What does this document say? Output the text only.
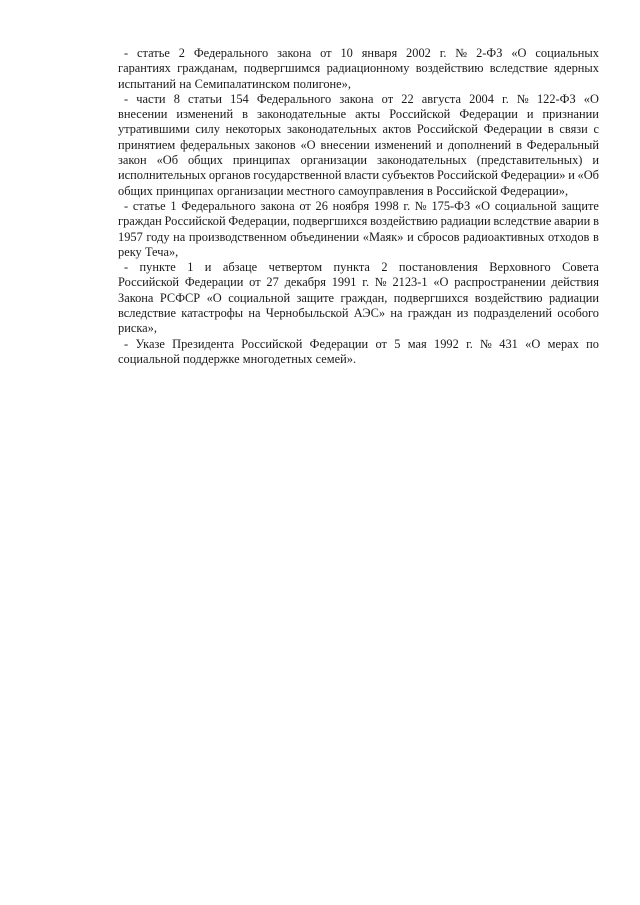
- статье 2 Федерального закона от 10 января 2002 г. № 2-ФЗ «О социальных
гарантиях гражданам, подвергшимся радиационному воздействию вследствие ядерных
испытаний на Семипалатинском полигоне»,
- части 8 статьи 154 Федерального закона от 22 августа 2004 г. № 122-ФЗ «О
внесении изменений в законодательные акты Российской Федерации и признании
утратившими силу некоторых законодательных актов Российской Федерации в связи с
принятием федеральных законов «О внесении изменений и дополнений в Федеральный
закон «Об общих принципах организации законодательных (представительных) и
исполнительных органов государственной власти субъектов Российской Федерации» и «Об
общих принципах организации местного самоуправления в Российской Федерации»,
- статье 1 Федерального закона от 26 ноября 1998 г. № 175-ФЗ «О социальной защите
граждан Российской Федерации, подвергшихся воздействию радиации вследствие аварии в
1957 году на производственном объединении «Маяк» и сбросов радиоактивных отходов в
реку Теча»,
- пункте 1 и абзаце четвертом пункта 2 постановления Верховного Совета
Российской Федерации от 27 декабря 1991 г. № 2123-1 «О распространении действия
Закона РСФСР «О социальной защите граждан, подвергшихся воздействию радиации
вследствие катастрофы на Чернобыльской АЭС» на граждан из подразделений особого
риска»,
- Указе Президента Российской Федерации от 5 мая 1992 г. № 431 «О мерах по
социальной поддержке многодетных семей».
